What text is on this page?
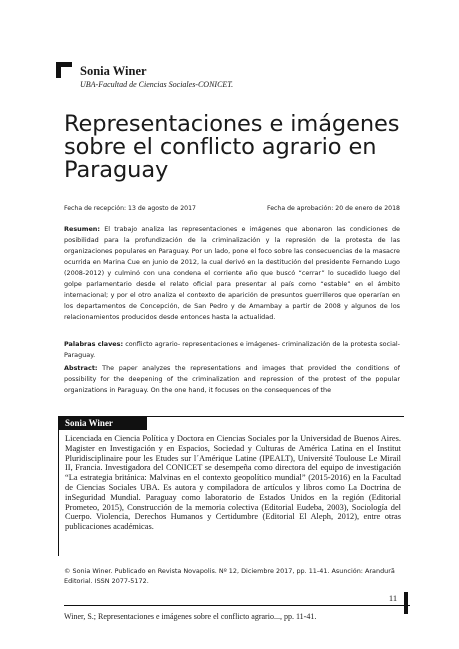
Sonia Winer
UBA-Facultad de Ciencias Sociales-CONICET.
Representaciones e imágenes sobre el conflicto agrario en Paraguay
Fecha de recepción: 13 de agosto de 2017	Fecha de aprobación: 20 de enero de 2018

Resumen: El trabajo analiza las representaciones e imágenes que abonaron las condiciones de posibilidad para la profundización de la criminalización y la represión de la protesta de las organizaciones populares en Paraguay. Por un lado, pone el foco sobre las consecuencias de la masacre ocurrida en Marina Cue en junio de 2012, la cual derivó en la destitución del presidente Fernando Lugo (2008-2012) y culminó con una condena el corriente año que buscó “cerrar” lo sucedido luego del golpe parlamentario desde el relato oficial para presentar al país como “estable” en el ámbito internacional; y por el otro analiza el contexto de aparición de presuntos guerrilleros que operarían en los departamentos de Concepción, de San Pedro y de Amambay a partir de 2008 y algunos de los relacionamientos producidos desde entonces hasta la actualidad.

Palabras claves: conflicto agrario- representaciones e imágenes- criminalización de la protesta social-Paraguay.

Abstract: The paper analyzes the representations and images that provided the conditions of possibility for the deepening of the criminalization and repression of the protest of the popular organizations in Paraguay. On the one hand, it focuses on the consequences of the

Sonia Winer
Licenciada en Ciencia Política y Doctora en Ciencias Sociales por la Universidad de Buenos Aires. Magister en Investigación y en Espacios, Sociedad y Culturas de América Latina en el Institut Pluridisciplinaire pour les Etudes sur l´Amérique Latine (IPEALT), Université Toulouse Le Mirail II, Francia. Investigadora del CONICET se desempeña como directora del equipo de investigación “La estrategia británica: Malvinas en el contexto geopolítico mundial” (2015-2016) en la Facultad de Ciencias Sociales UBA. Es autora y compiladora de artículos y libros como La Doctrina de inSeguridad Mundial. Paraguay como laboratorio de Estados Unidos en la región (Editorial Prometeo, 2015), Construcción de la memoria colectiva (Editorial Eudeba, 2003), Sociología del Cuerpo. Violencia, Derechos Humanos y Certidumbre (Editorial El Aleph, 2012), entre otras publicaciones académicas.
© Sonia Winer. Publicado en Revista Novapolis. Nº 12, Diciembre 2017, pp. 11-41. Asunción: Arandurã Editorial. ISSN 2077-5172.
11
Winer, S.; Representaciones e imágenes sobre el conflicto agrario..., pp. 11-41.
